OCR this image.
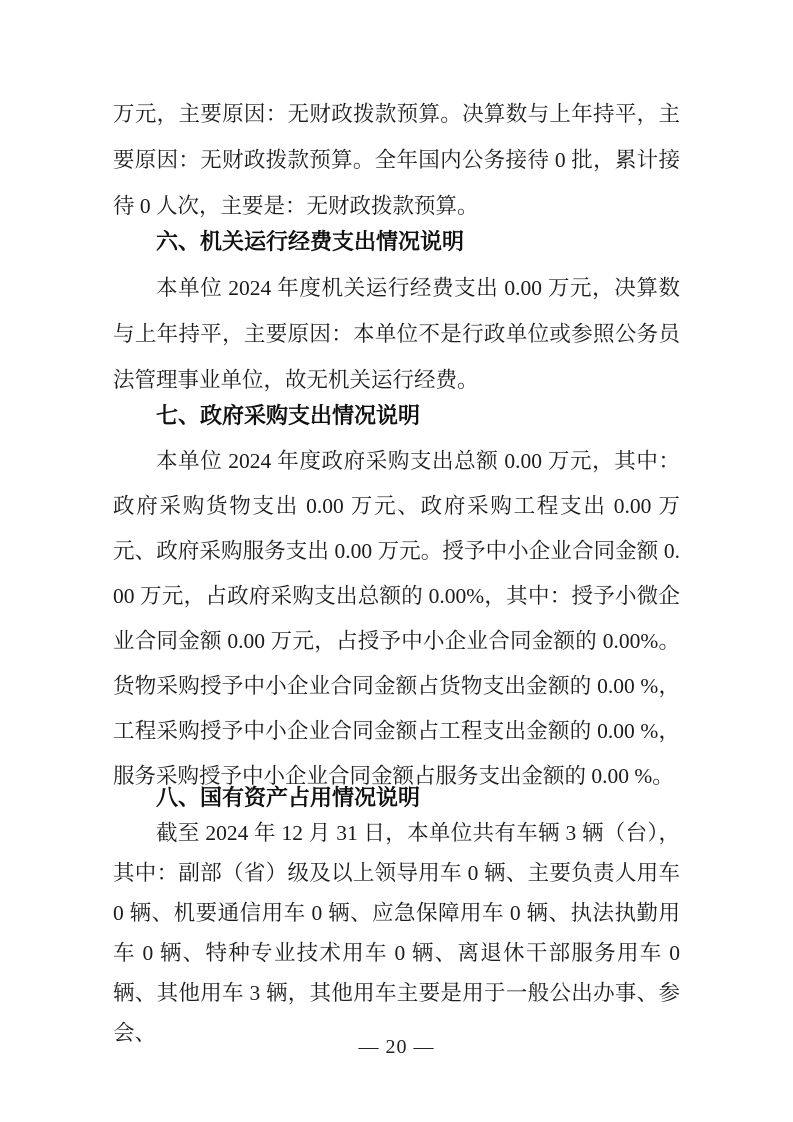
万元，主要原因：无财政拨款预算。决算数与上年持平，主要原因：无财政拨款预算。全年国内公务接待 0 批，累计接待 0 人次，主要是：无财政拨款预算。

六、机关运行经费支出情况说明

本单位 2024 年度机关运行经费支出 0.00 万元，决算数与上年持平，主要原因：本单位不是行政单位或参照公务员法管理事业单位，故无机关运行经费。

七、政府采购支出情况说明

本单位 2024 年度政府采购支出总额 0.00 万元，其中：政府采购货物支出 0.00 万元、政府采购工程支出 0.00 万元、政府采购服务支出 0.00 万元。授予中小企业合同金额 0.00 万元，占政府采购支出总额的 0.00%，其中：授予小微企业合同金额 0.00 万元，占授予中小企业合同金额的 0.00%。货物采购授予中小企业合同金额占货物支出金额的 0.00 %，工程采购授予中小企业合同金额占工程支出金额的 0.00 %，服务采购授予中小企业合同金额占服务支出金额的 0.00 %。

八、国有资产占用情况说明

截至 2024 年 12 月 31 日，本单位共有车辆 3 辆（台），其中：副部（省）级及以上领导用车 0 辆、主要负责人用车 0 辆、机要通信用车 0 辆、应急保障用车 0 辆、执法执勤用车 0 辆、特种专业技术用车 0 辆、离退休干部服务用车 0 辆、其他用车 3 辆，其他用车主要是用于一般公出办事、参会、

— 20 —
